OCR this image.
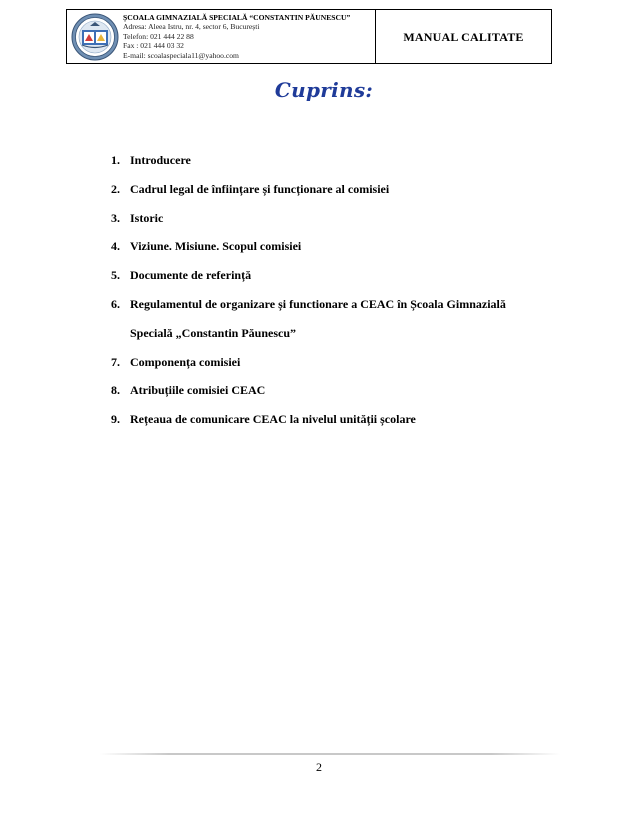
ȘCOALA GIMNAZIALĂ SPECIALĂ “CONSTANTIN PĂUNESCU”
Adresa: Aleea Istru, nr. 4, sector 6, București
Telefon: 021 444 22 88
Fax : 021 444 03 32
E-mail: scoalaspeciala11@yahoo.com
MANUAL CALITATE
Cuprins:
1. Introducere
2. Cadrul legal de înființare și funcționare al comisiei
3. Istoric
4. Viziune. Misiune. Scopul comisiei
5. Documente de referință
6. Regulamentul de organizare și functionare a CEAC în Școala Gimnazială
Specială „Constantin Păunescu”
7. Componența comisiei
8. Atribuțiile comisiei CEAC
9. Rețeaua de comunicare CEAC la nivelul unității școlare
2
